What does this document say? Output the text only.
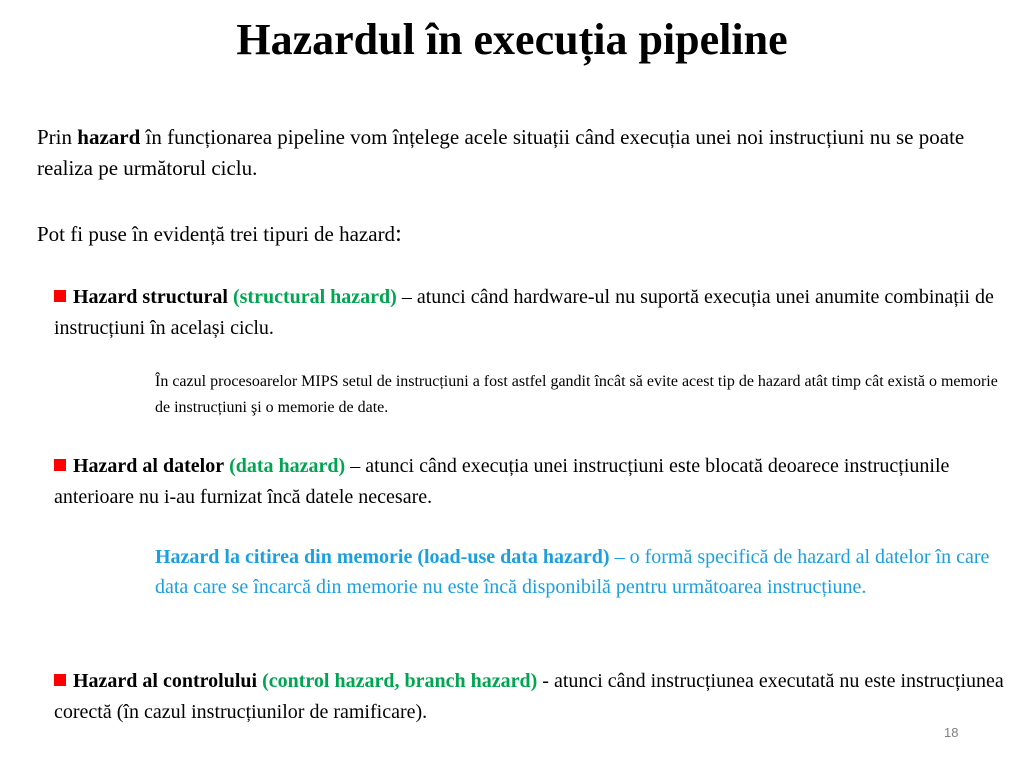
Hazardul în execuția pipeline
Prin hazard în funcționarea pipeline vom înțelege acele situații când execuția unei noi instrucțiuni nu se poate realiza pe următorul ciclu.
Pot fi puse în evidență trei tipuri de hazard:
Hazard structural (structural hazard) – atunci când hardware-ul nu suportă execuția unei anumite combinații de instrucțiuni în același ciclu.
În cazul procesoarelor MIPS setul de instrucțiuni a fost astfel gandit încât să evite acest tip de hazard atât timp cât există o memorie de instrucțiuni şi o memorie de date.
Hazard al datelor (data hazard) – atunci când execuția unei instrucțiuni este blocată deoarece instrucțiunile anterioare nu i-au furnizat încă datele necesare.
Hazard la citirea din memorie (load-use data hazard) – o formă specifică de hazard al datelor în care data care se încarcă din memorie nu este încă disponibilă pentru următoarea instrucțiune.
Hazard al controlului (control hazard, branch hazard) - atunci când instrucțiunea executată nu este instrucțiunea corectă (în cazul instrucțiunilor de ramificare).
18
